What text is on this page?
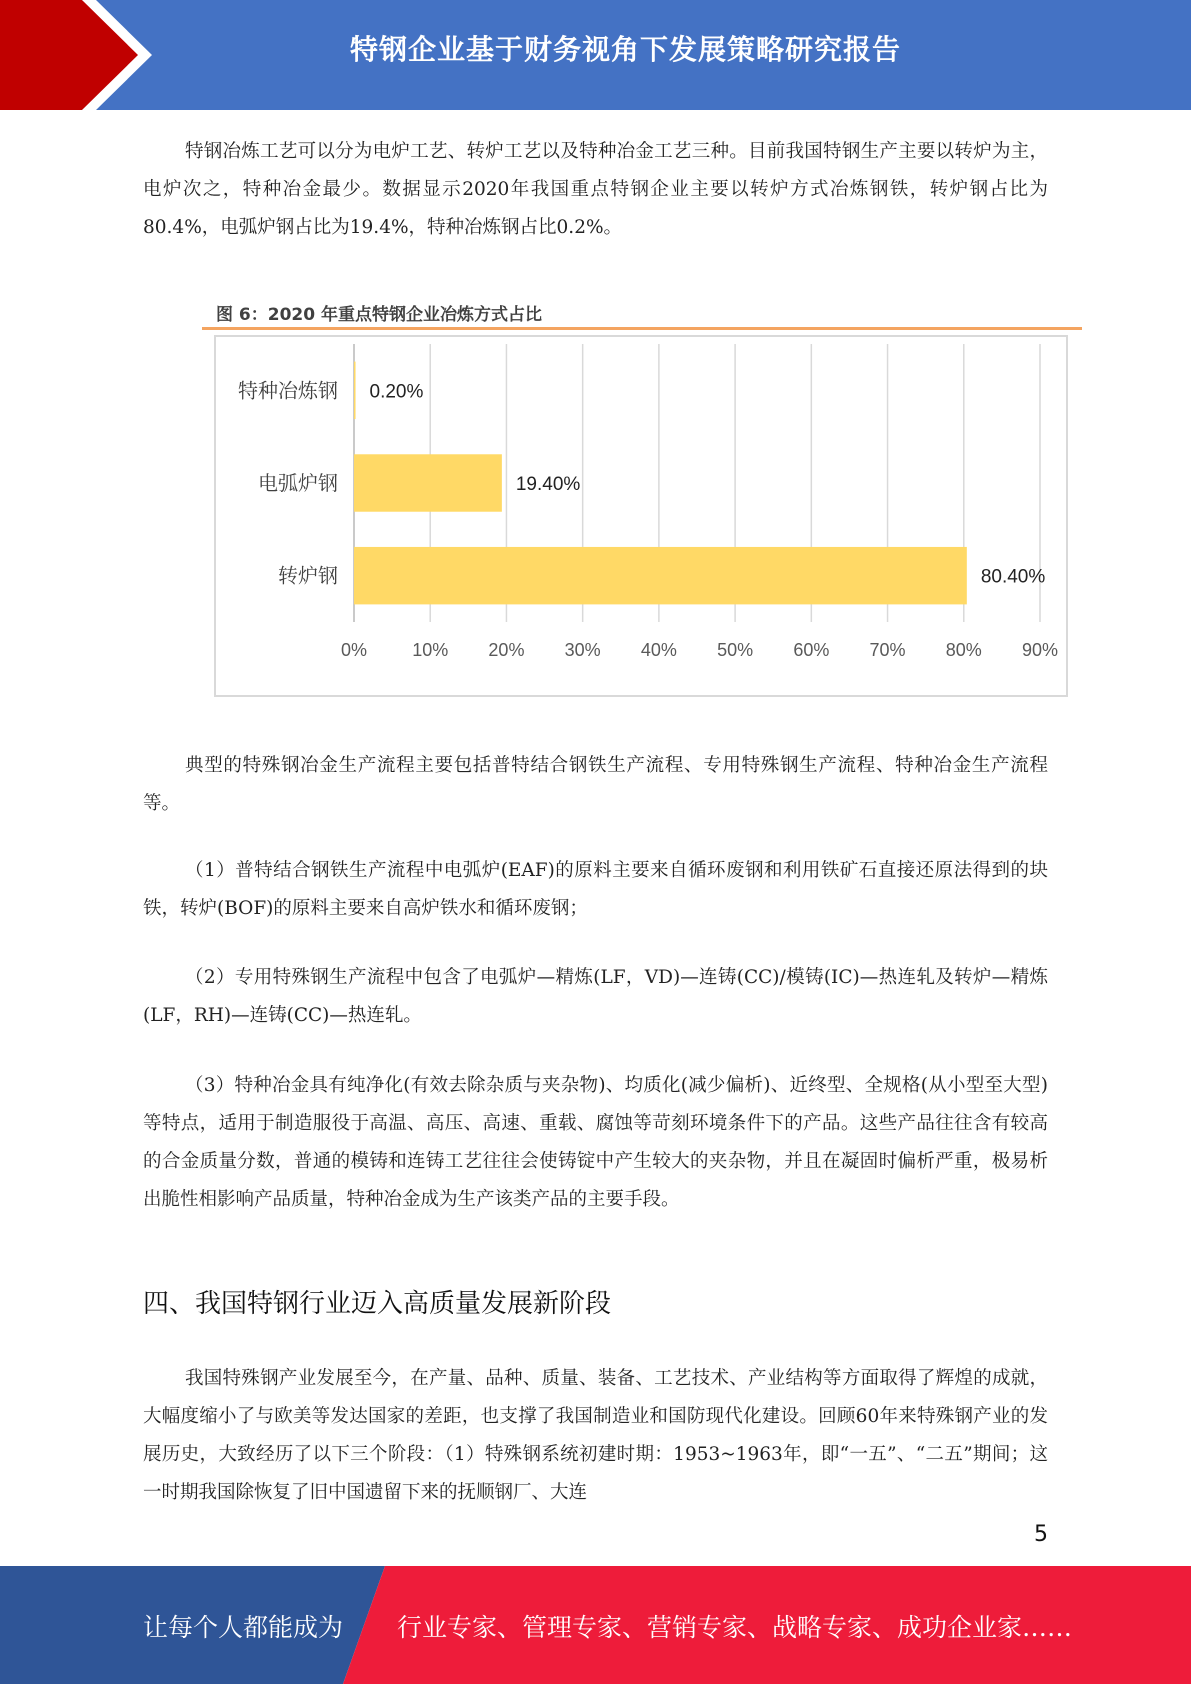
特钢企业基于财务视角下发展策略研究报告
特钢冶炼工艺可以分为电炉工艺、转炉工艺以及特种冶金工艺三种。目前我国特钢生产主要以转炉为主，电炉次之，特种冶金最少。数据显示2020年我国重点特钢企业主要以转炉方式冶炼钢铁，转炉钢占比为80.4%，电弧炉钢占比为19.4%，特种冶炼钢占比0.2%。
图 6：2020 年重点特钢企业冶炼方式占比
特种冶炼钢
电弧炉钢
转炉钢
0.20%
19.40%
80.40%
0%	10% 20% 30% 40% 50% 60% 70% 80% 90%
典型的特殊钢冶金生产流程主要包括普特结合钢铁生产流程、专用特殊钢生产流程、特种冶金生产流程等。
（1）普特结合钢铁生产流程中电弧炉(EAF)的原料主要来自循环废钢和利用铁矿石直接还原法得到的块铁，转炉(BOF)的原料主要来自高炉铁水和循环废钢；
（2）专用特殊钢生产流程中包含了电弧炉—精炼(LF，VD)—连铸(CC)/模铸(IC)—热连轧及转炉—精炼(LF，RH)—连铸(CC)—热连轧。
（3）特种冶金具有纯净化(有效去除杂质与夹杂物)、均质化(减少偏析)、近终型、全规格(从小型至大型)等特点，适用于制造服役于高温、高压、高速、重载、腐蚀等苛刻环境条件下的产品。这些产品往往含有较高的合金质量分数，普通的模铸和连铸工艺往往会使铸锭中产生较大的夹杂物，并且在凝固时偏析严重，极易析出脆性相影响产品质量，特种冶金成为生产该类产品的主要手段。
四、我国特钢行业迈入高质量发展新阶段
我国特殊钢产业发展至今，在产量、品种、质量、装备、工艺技术、产业结构等方面取得了辉煌的成就，大幅度缩小了与欧美等发达国家的差距，也支撑了我国制造业和国防现代化建设。回顾60年来特殊钢产业的发展历史，大致经历了以下三个阶段：（1）特殊钢系统初建时期：1953~1963年，即“一五”、“二五”期间；这一时期我国除恢复了旧中国遗留下来的抚顺钢厂、大连
5
让每个人都能成为 行业专家、管理专家、营销专家、战略专家、成功企业家……
